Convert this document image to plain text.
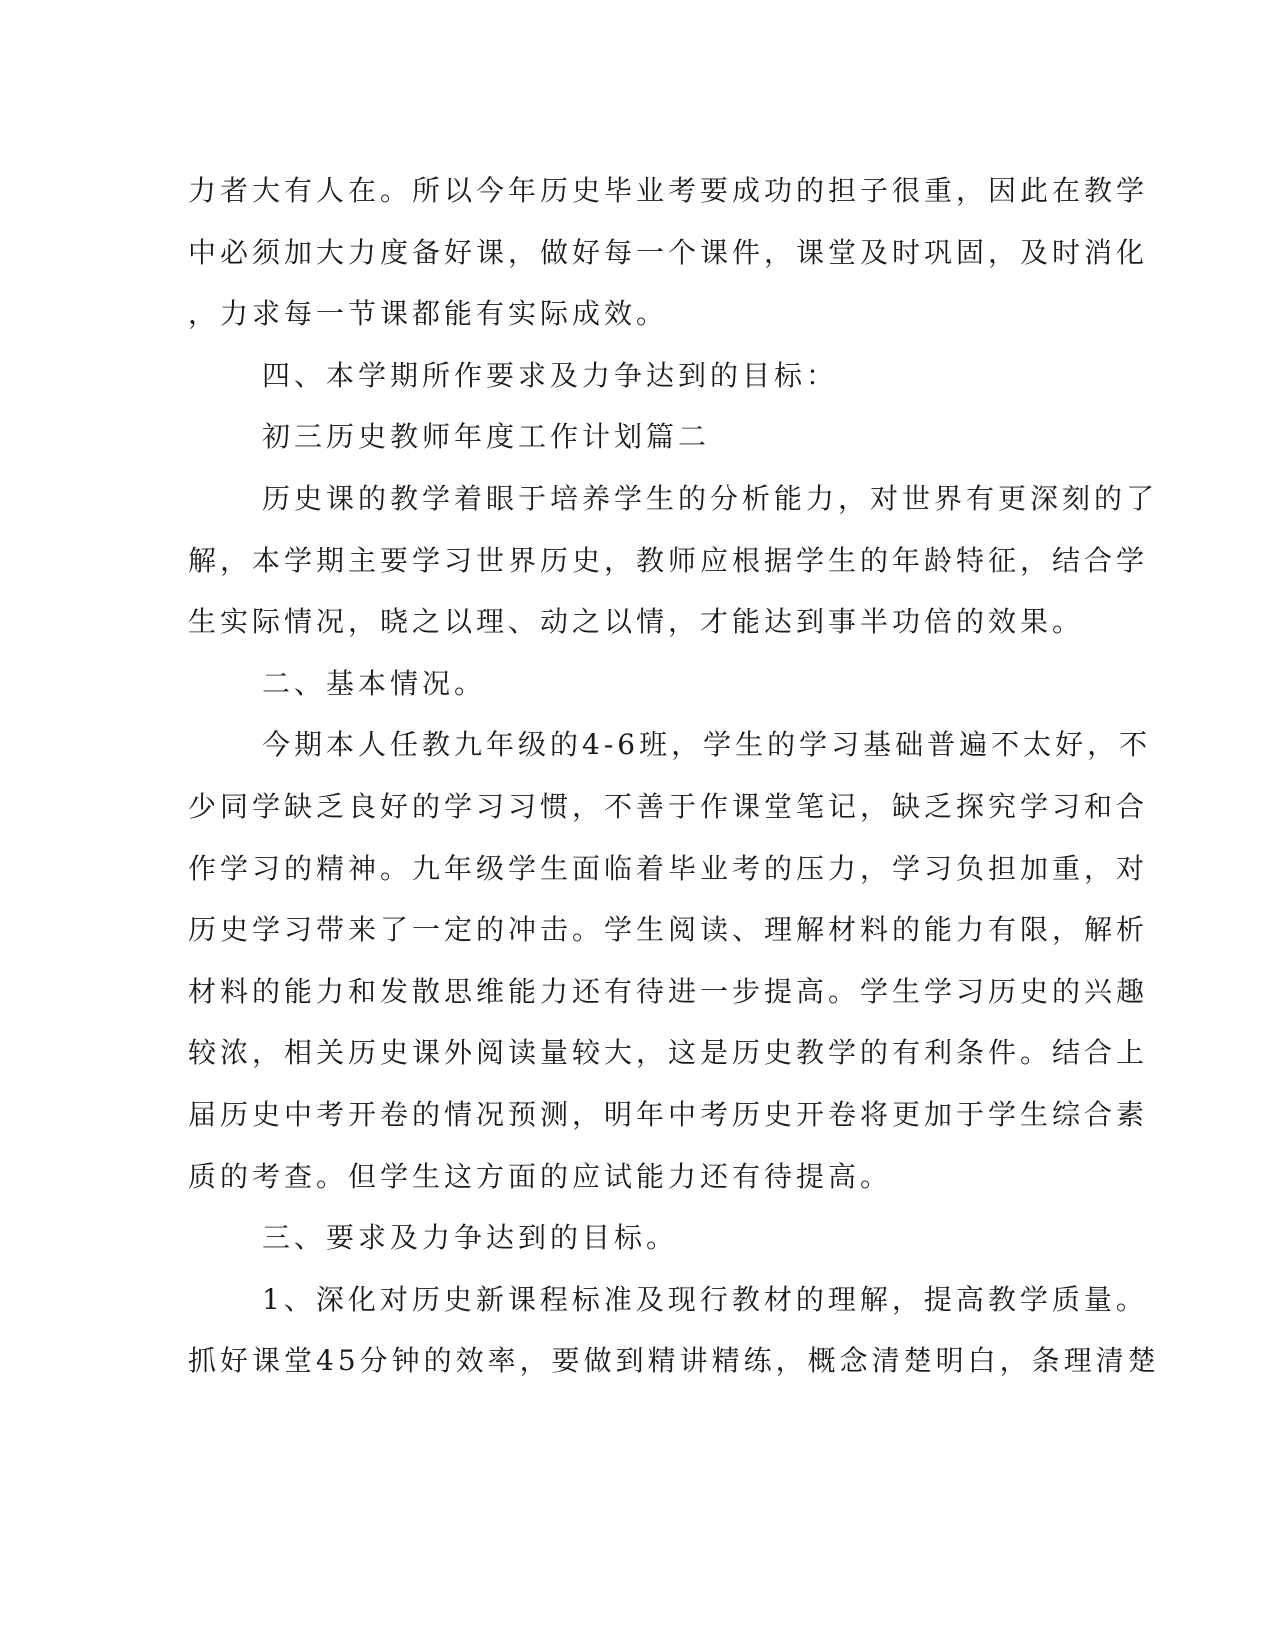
力者大有人在。所以今年历史毕业考要成功的担子很重，因此在教学
中必须加大力度备好课，做好每一个课件，课堂及时巩固，及时消化
，力求每一节课都能有实际成效。
四、本学期所作要求及力争达到的目标：
初三历史教师年度工作计划篇二
历史课的教学着眼于培养学生的分析能力，对世界有更深刻的了
解，本学期主要学习世界历史，教师应根据学生的年龄特征，结合学
生实际情况，晓之以理、动之以情，才能达到事半功倍的效果。
二、基本情况。
今期本人任教九年级的4-6班，学生的学习基础普遍不太好，不
少同学缺乏良好的学习习惯，不善于作课堂笔记，缺乏探究学习和合
作学习的精神。九年级学生面临着毕业考的压力，学习负担加重，对
历史学习带来了一定的冲击。学生阅读、理解材料的能力有限，解析
材料的能力和发散思维能力还有待进一步提高。学生学习历史的兴趣
较浓，相关历史课外阅读量较大，这是历史教学的有利条件。结合上
届历史中考开卷的情况预测，明年中考历史开卷将更加于学生综合素
质的考查。但学生这方面的应试能力还有待提高。
三、要求及力争达到的目标。
1、深化对历史新课程标准及现行教材的理解，提高教学质量。
抓好课堂45分钟的效率，要做到精讲精练，概念清楚明白，条理清楚
